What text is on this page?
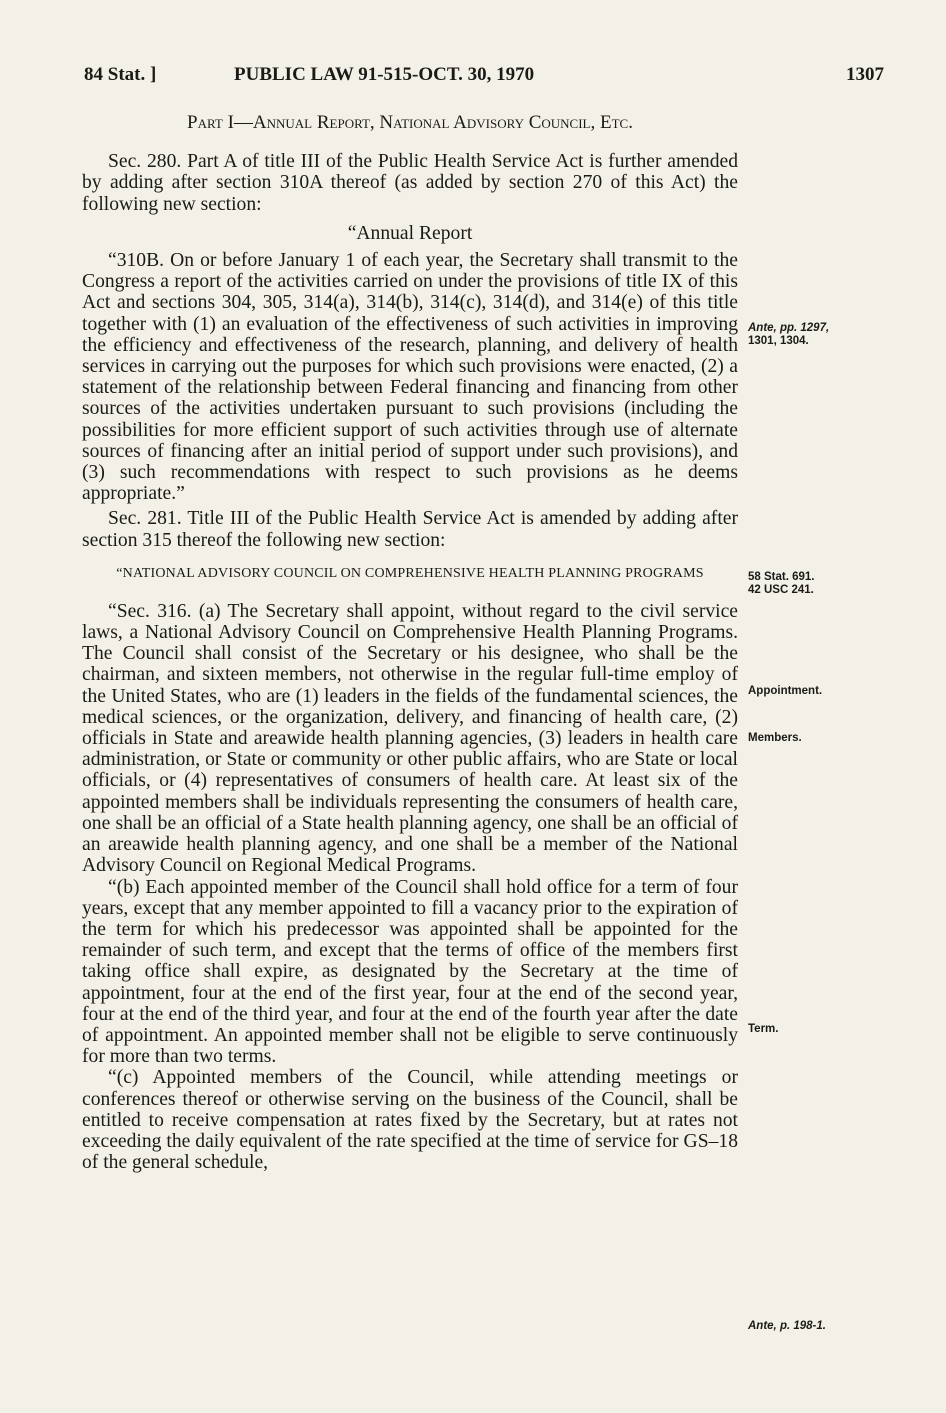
84 Stat. ]	PUBLIC LAW 91-515-OCT. 30, 1970	1307
Part I—Annual Report, National Advisory Council, Etc.

Sec. 280. Part A of title III of the Public Health Service Act is further amended by adding after section 310A thereof (as added by section 270 of this Act) the following new section:

“Annual Report

“310B. On or before January 1 of each year, the Secretary shall transmit to the Congress a report of the activities carried on under the provisions of title IX of this Act and sections 304, 305, 314(a), 314(b), 314(c), 314(d), and 314(e) of this title together with (1) an evaluation of the effectiveness of such activities in improving the efficiency and effectiveness of the research, planning, and delivery of health services in carrying out the purposes for which such provisions were enacted, (2) a statement of the relationship between Federal financing and financing from other sources of the activities undertaken pursuant to such provisions (including the possibilities for more efficient support of such activities through use of alternate sources of financing after an initial period of support under such provisions), and (3) such recommendations with respect to such provisions as he deems appropriate.”

Sec. 281. Title III of the Public Health Service Act is amended by adding after section 315 thereof the following new section:

“NATIONAL ADVISORY COUNCIL ON COMPREHENSIVE HEALTH PLANNING PROGRAMS

“Sec. 316. (a) The Secretary shall appoint, without regard to the civil service laws, a National Advisory Council on Comprehensive Health Planning Programs. The Council shall consist of the Secretary or his designee, who shall be the chairman, and sixteen members, not otherwise in the regular full-time employ of the United States, who are (1) leaders in the fields of the fundamental sciences, the medical sciences, or the organization, delivery, and financing of health care, (2) officials in State and areawide health planning agencies, (3) leaders in health care administration, or State or community or other public affairs, who are State or local officials, or (4) representatives of consumers of health care. At least six of the appointed members shall be individuals representing the consumers of health care, one shall be an official of a State health planning agency, one shall be an official of an areawide health planning agency, and one shall be a member of the National Advisory Council on Regional Medical Programs.

“(b) Each appointed member of the Council shall hold office for a term of four years, except that any member appointed to fill a vacancy prior to the expiration of the term for which his predecessor was appointed shall be appointed for the remainder of such term, and except that the terms of office of the members first taking office shall expire, as designated by the Secretary at the time of appointment, four at the end of the first year, four at the end of the second year, four at the end of the third year, and four at the end of the fourth year after the date of appointment. An appointed member shall not be eligible to serve continuously for more than two terms.

“(c) Appointed members of the Council, while attending meetings or conferences thereof or otherwise serving on the business of the Council, shall be entitled to receive compensation at rates fixed by the Secretary, but at rates not exceeding the daily equivalent of the rate specified at the time of service for GS–18 of the general schedule,

Ante, pp. 1297,
1301, 1304.
58 Stat. 691.
42 USC 241.
Appointment.
Members.
Term.
Ante, p. 198-1.
